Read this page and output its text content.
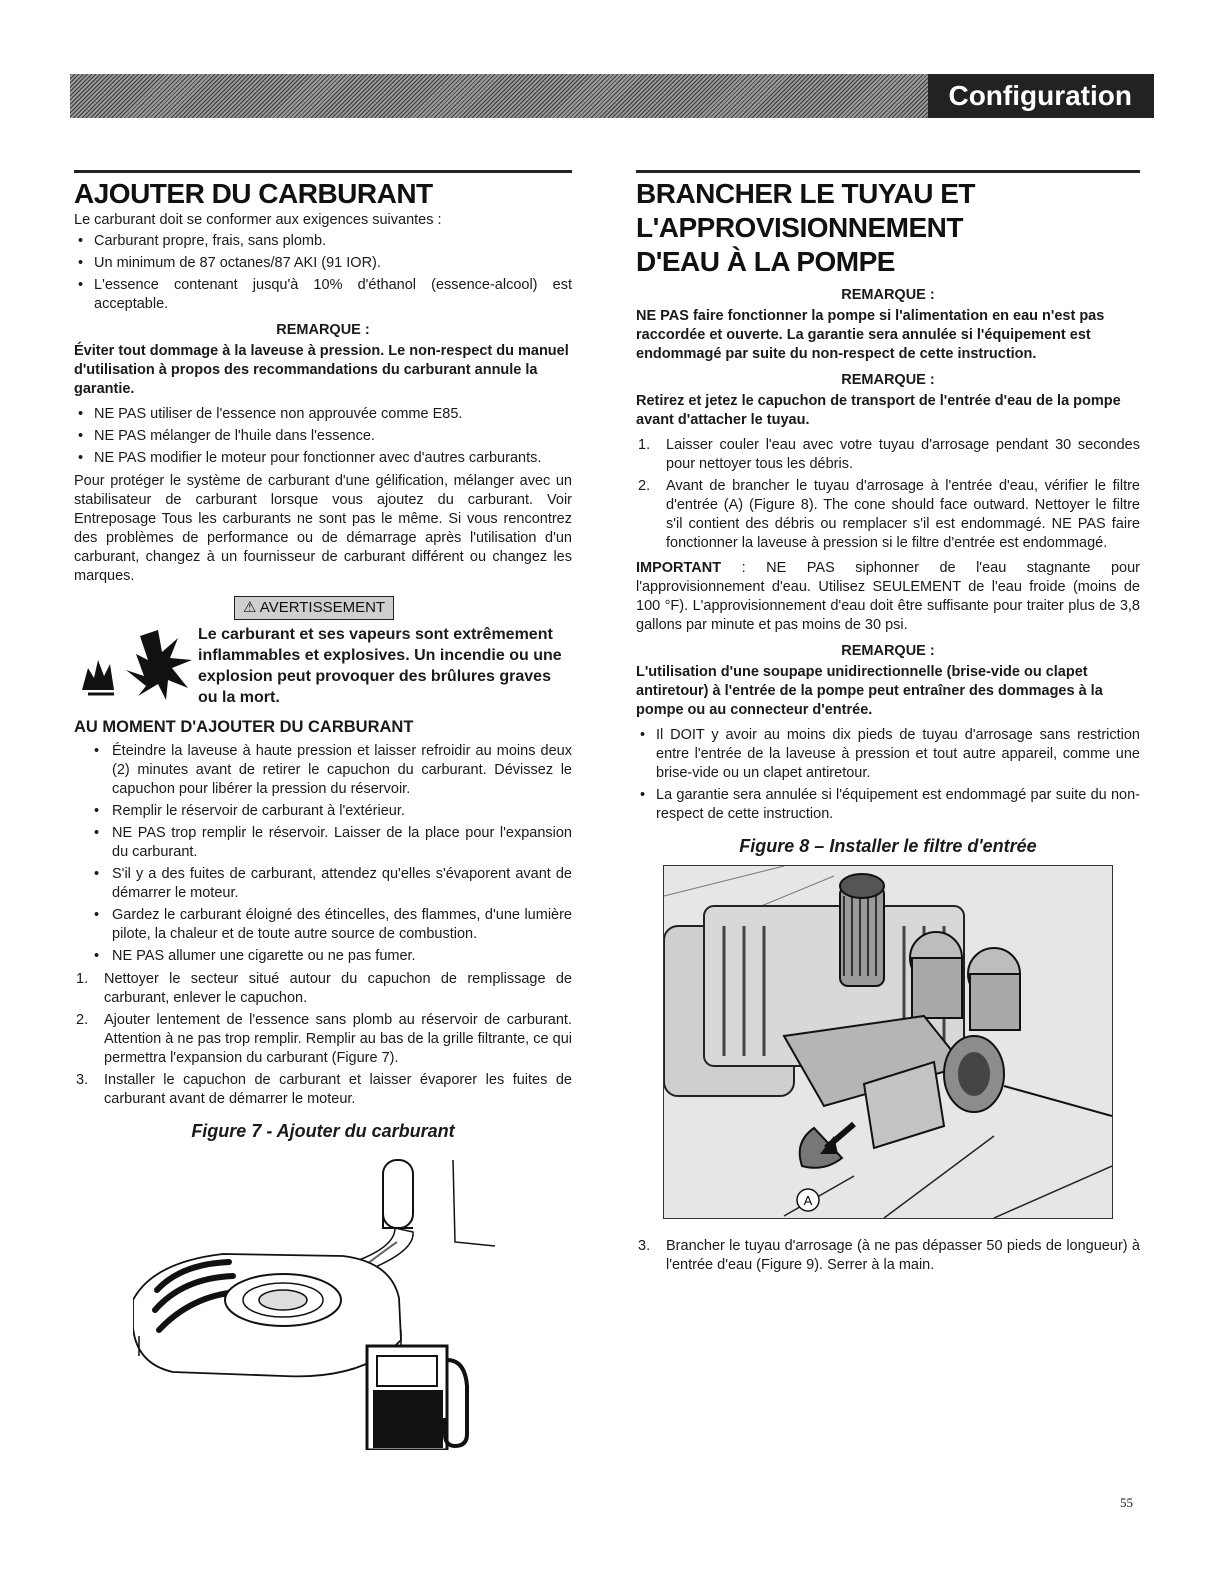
Configuration
AJOUTER DU CARBURANT

Le carburant doit se conformer aux exigences suivantes :

• Carburant propre, frais, sans plomb.
• Un minimum de 87 octanes/87 AKI (91 IOR).
• L'essence contenant jusqu'à 10% d'éthanol (essence-alcool) est acceptable.
REMARQUE :

Éviter tout dommage à la laveuse à pression. Le non-respect du manuel d'utilisation à propos des recommandations du carburant annule la garantie.

• NE PAS utiliser de l'essence non approuvée comme E85.
• NE PAS mélanger de l'huile dans l'essence.
• NE PAS modifier le moteur pour fonctionner avec d'autres carburants.

Pour protéger le système de carburant d'une gélification, mélanger avec un stabilisateur de carburant lorsque vous ajoutez du carburant. Voir Entreposage Tous les carburants ne sont pas le même. Si vous rencontrez des problèmes de performance ou de démarrage après l'utilisation d'un carburant, changez à un fournisseur de carburant différent ou changez les marques.

⚠ AVERTISSEMENT
Le carburant et ses vapeurs sont extrêmement inflammables et explosives. Un incendie ou une explosion peut provoquer des brûlures graves ou la mort.
AU MOMENT D'AJOUTER DU CARBURANT
• Éteindre la laveuse à haute pression et laisser refroidir au moins deux (2) minutes avant de retirer le capuchon du carburant. Dévissez le capuchon pour libérer la pression du réservoir.
• Remplir le réservoir de carburant à l'extérieur.
• NE PAS trop remplir le réservoir. Laisser de la place pour l'expansion du carburant.
• S'il y a des fuites de carburant, attendez qu'elles s'évaporent avant de démarrer le moteur.
• Gardez le carburant éloigné des étincelles, des flammes, d'une lumière pilote, la chaleur et de toute autre source de combustion.
• NE PAS allumer une cigarette ou ne pas fumer.
1. Nettoyer le secteur situé autour du capuchon de remplissage de carburant, enlever le capuchon.
2. Ajouter lentement de l'essence sans plomb au réservoir de carburant. Attention à ne pas trop remplir. Remplir au bas de la grille filtrante, ce qui permettra l'expansion du carburant (Figure 7).
3. Installer le capuchon de carburant et laisser évaporer les fuites de carburant avant de démarrer le moteur.
Figure 7 - Ajouter du carburant
BRANCHER LE TUYAU ET L'APPROVISIONNEMENT
D'EAU À LA POMPE
REMARQUE :

NE PAS faire fonctionner la pompe si l'alimentation en eau n'est pas raccordée et ouverte. La garantie sera annulée si l'équipement est endommagé par suite du non-respect de cette instruction.

REMARQUE :

Retirez et jetez le capuchon de transport de l'entrée d'eau de la pompe avant d'attacher le tuyau.

1. Laisser couler l'eau avec votre tuyau d'arrosage pendant 30 secondes pour nettoyer tous les débris.
2. Avant de brancher le tuyau d'arrosage à l'entrée d'eau, vérifier le filtre d'entrée (A) (Figure 8). The cone should face outward. Nettoyer le filtre s'il contient des débris ou remplacer s'il est endommagé. NE PAS faire fonctionner la laveuse à pression si le filtre d'entrée est endommagé.

IMPORTANT : NE PAS siphonner de l'eau stagnante pour l'approvisionnement d'eau. Utilisez SEULEMENT de l'eau froide (moins de 100 °F). L'approvisionnement d'eau doit être suffisante pour traiter plus de 3,8 gallons par minute et pas moins de 30 psi.

REMARQUE :

L'utilisation d'une soupape unidirectionnelle (brise-vide ou clapet antiretour) à l'entrée de la pompe peut entraîner des dommages à la pompe ou au connecteur d'entrée.

• Il DOIT y avoir au moins dix pieds de tuyau d'arrosage sans restriction entre l'entrée de la laveuse à pression et tout autre appareil, comme une brise-vide ou un clapet antiretour.
• La garantie sera annulée si l'équipement est endommagé par suite du non-respect de cette instruction.
Figure 8 – Installer le filtre d'entrée
A
3. Brancher le tuyau d'arrosage (à ne pas dépasser 50 pieds de longueur) à l'entrée d'eau (Figure 9). Serrer à la main.
55
